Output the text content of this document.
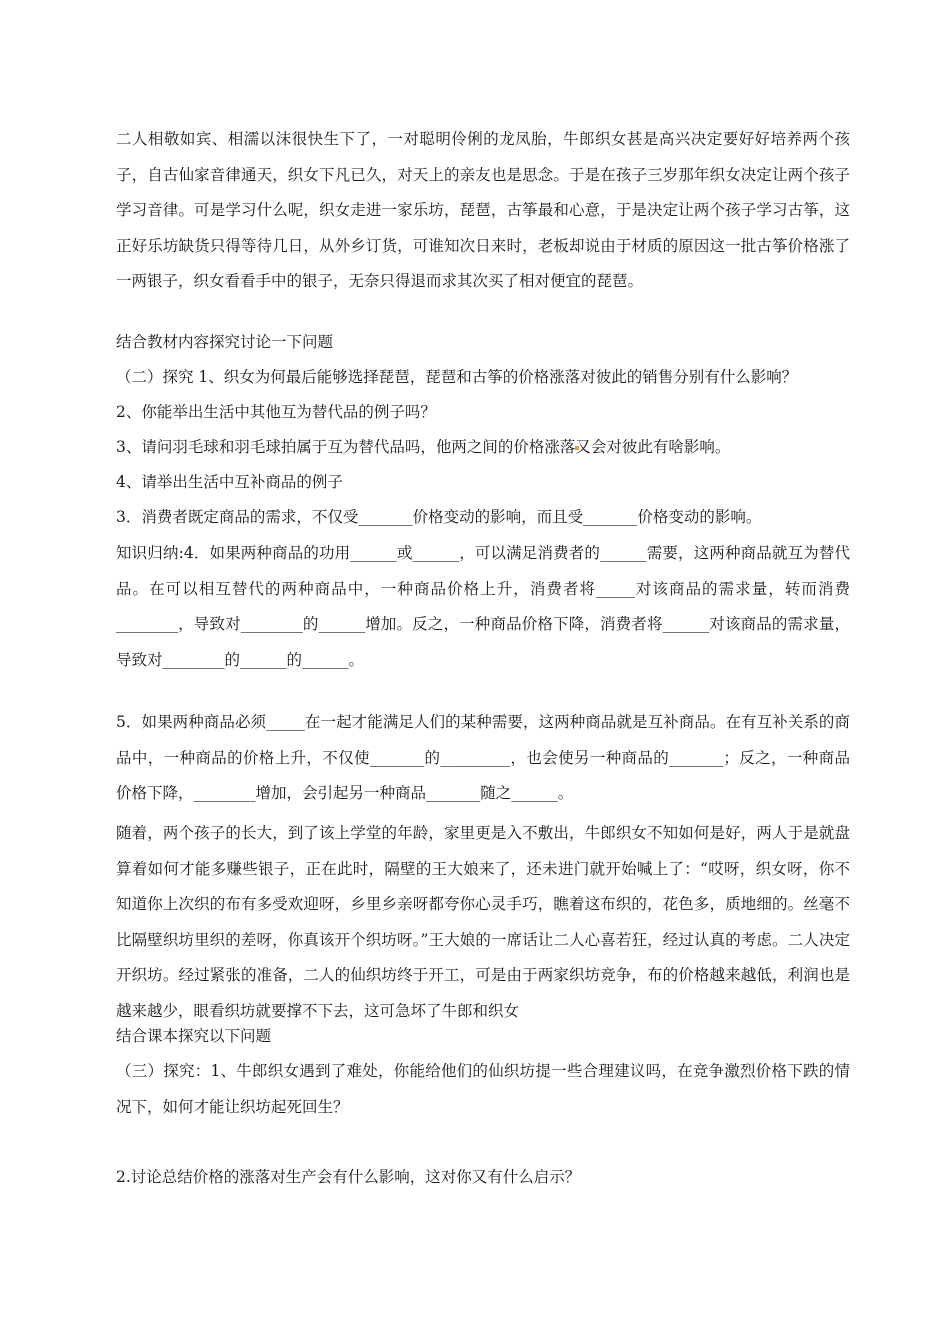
二人相敬如宾、相濡以沫很快生下了，一对聪明伶俐的龙凤胎，牛郎织女甚是高兴决定要好好培养两个孩子，自古仙家音律通天，织女下凡已久，对天上的亲友也是思念。于是在孩子三岁那年织女决定让两个孩子学习音律。可是学习什么呢，织女走进一家乐坊，琵琶，古筝最和心意，于是决定让两个孩子学习古筝，这正好乐坊缺货只得等待几日，从外乡订货，可谁知次日来时，老板却说由于材质的原因这一批古筝价格涨了一两银子，织女看看手中的银子，无奈只得退而求其次买了相对便宜的琵琶。

结合教材内容探究讨论一下问题

（二）探究 1、织女为何最后能够选择琵琶，琵琶和古筝的价格涨落对彼此的销售分别有什么影响？

2、你能举出生活中其他互为替代品的例子吗？

3、请问羽毛球和羽毛球拍属于互为替代品吗，他两之间的价格涨落又会对彼此有啥影响。

4、请举出生活中互补商品的例子

3．消费者既定商品的需求，不仅受_______价格变动的影响，而且受_______价格变动的影响。

知识归纳:4．如果两种商品的功用______或______，可以满足消费者的______需要，这两种商品就互为替代品。在可以相互替代的两种商品中，一种商品价格上升，消费者将_____对该商品的需求量，转而消费________，导致对________的______增加。反之，一种商品价格下降，消费者将______对该商品的需求量，导致对________的______的______。

5．如果两种商品必须_____在一起才能满足人们的某种需要，这两种商品就是互补商品。在有互补关系的商品中，一种商品的价格上升，不仅使_______的_________，也会使另一种商品的_______；反之，一种商品价格下降，________增加，会引起另一种商品_______随之______。

随着，两个孩子的长大，到了该上学堂的年龄，家里更是入不敷出，牛郎织女不知如何是好，两人于是就盘算着如何才能多赚些银子，正在此时，隔壁的王大娘来了，还未进门就开始喊上了：“哎呀，织女呀，你不知道你上次织的布有多受欢迎呀，乡里乡亲呀都夸你心灵手巧，瞧着这布织的，花色多，质地细的。丝毫不比隔壁织坊里织的差呀，你真该开个织坊呀。”王大娘的一席话让二人心喜若狂，经过认真的考虑。二人决定开织坊。经过紧张的准备，二人的仙织坊终于开工，可是由于两家织坊竞争，布的价格越来越低，利润也是越来越少，眼看织坊就要撑不下去，这可急坏了牛郎和织女

结合课本探究以下问题

（三）探究：1、牛郎织女遇到了难处，你能给他们的仙织坊提一些合理建议吗，在竞争激烈价格下跌的情况下，如何才能让织坊起死回生？

2.讨论总结价格的涨落对生产会有什么影响，这对你又有什么启示？
